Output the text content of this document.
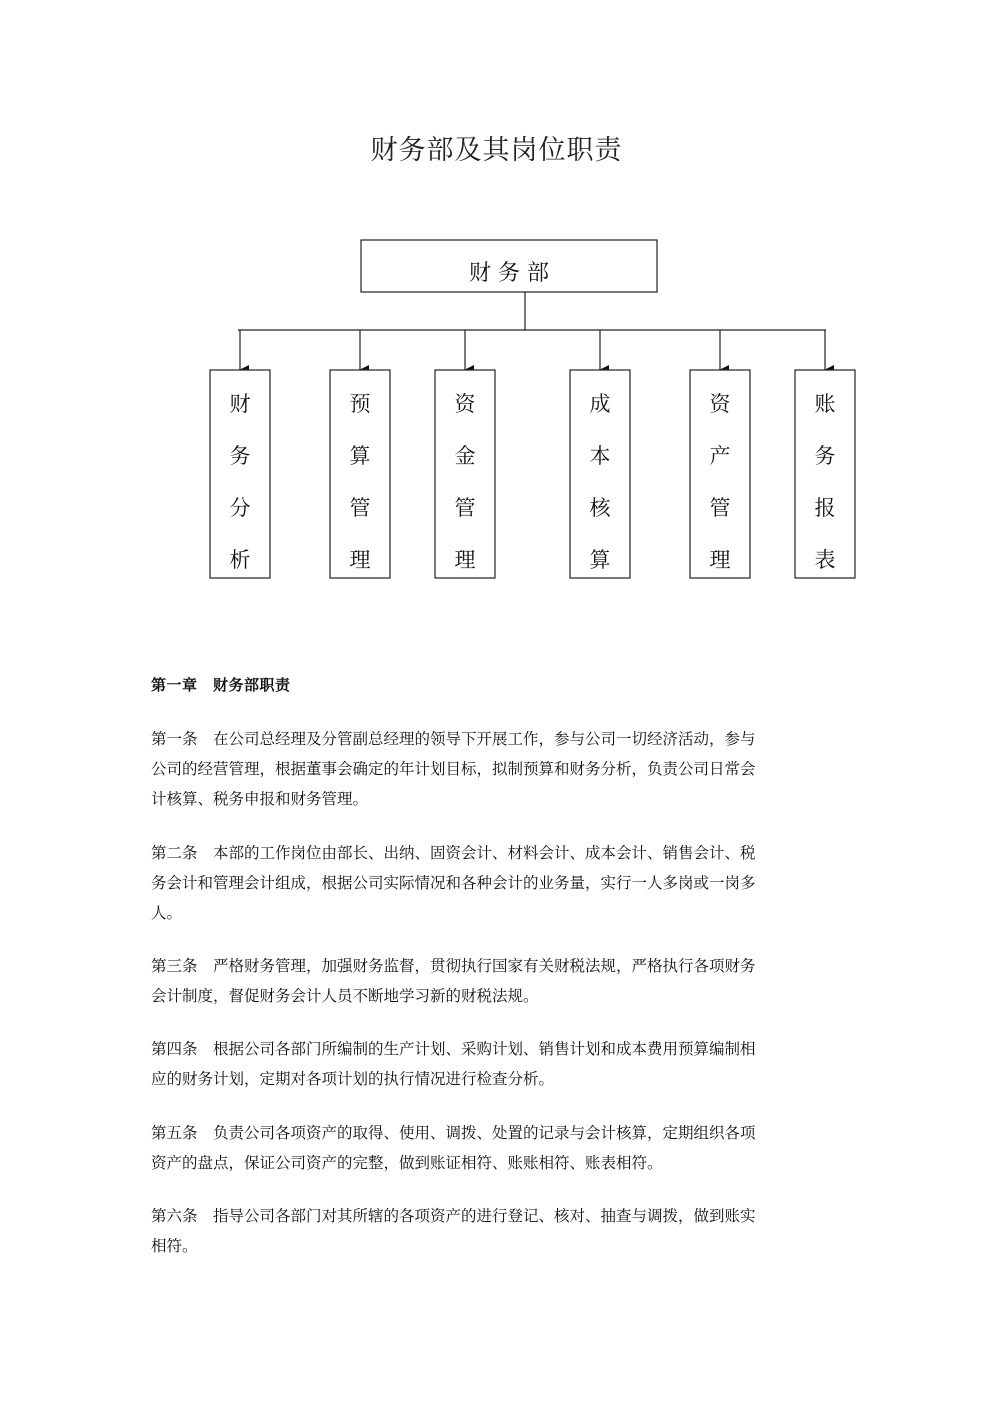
财务部及其岗位职责
财 务 部
财
务
分
析
预
算
管
理
资
金
管
理
成
本
核
算
资
产
管
理
账
务
报
表
第一章　财务部职责
第一条　在公司总经理及分管副总经理的领导下开展工作，参与公司一切经济活动，参与
公司的经营管理，根据董事会确定的年计划目标，拟制预算和财务分析，负责公司日常会
计核算、税务申报和财务管理。
第二条　本部的工作岗位由部长、出纳、固资会计、材料会计、成本会计、销售会计、税
务会计和管理会计组成，根据公司实际情况和各种会计的业务量，实行一人多岗或一岗多
人。
第三条　严格财务管理，加强财务监督，贯彻执行国家有关财税法规，严格执行各项财务
会计制度，督促财务会计人员不断地学习新的财税法规。
第四条　根据公司各部门所编制的生产计划、采购计划、销售计划和成本费用预算编制相
应的财务计划，定期对各项计划的执行情况进行检查分析。
第五条　负责公司各项资产的取得、使用、调拨、处置的记录与会计核算，定期组织各项
资产的盘点，保证公司资产的完整，做到账证相符、账账相符、账表相符。
第六条　指导公司各部门对其所辖的各项资产的进行登记、核对、抽查与调拨，做到账实
相符。
